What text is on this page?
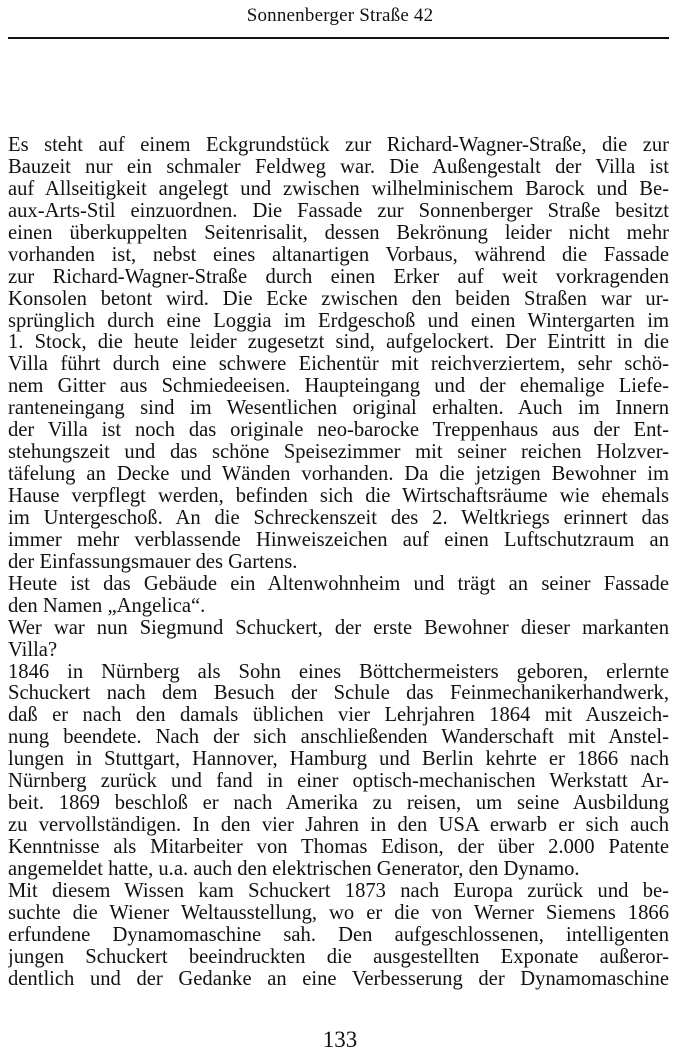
Sonnenberger Straße 42
Es steht auf einem Eckgrundstück zur Richard-Wagner-Straße, die zur
Bauzeit nur ein schmaler Feldweg war. Die Außengestalt der Villa ist
auf Allseitigkeit angelegt und zwischen wilhelminischem Barock und Be-
aux-Arts-Stil einzuordnen. Die Fassade zur Sonnenberger Straße besitzt
einen überkuppelten Seitenrisalit, dessen Bekrönung leider nicht mehr
vorhanden ist, nebst eines altanartigen Vorbaus, während die Fassade
zur Richard-Wagner-Straße durch einen Erker auf weit vorkragenden
Konsolen betont wird. Die Ecke zwischen den beiden Straßen war ur-
sprünglich durch eine Loggia im Erdgeschoß und einen Wintergarten im
1. Stock, die heute leider zugesetzt sind, aufgelockert. Der Eintritt in die
Villa führt durch eine schwere Eichentür mit reichverziertem, sehr schö-
nem Gitter aus Schmiedeeisen. Haupteingang und der ehemalige Liefe-
ranteneingang sind im Wesentlichen original erhalten. Auch im Innern
der Villa ist noch das originale neo-barocke Treppenhaus aus der Ent-
stehungszeit und das schöne Speisezimmer mit seiner reichen Holzver-
täfelung an Decke und Wänden vorhanden. Da die jetzigen Bewohner im
Hause verpflegt werden, befinden sich die Wirtschaftsräume wie ehemals
im Untergeschoß. An die Schreckenszeit des 2. Weltkriegs erinnert das
immer mehr verblassende Hinweiszeichen auf einen Luftschutzraum an
der Einfassungsmauer des Gartens.
Heute ist das Gebäude ein Altenwohnheim und trägt an seiner Fassade
den Namen „Angelica“.
Wer war nun Siegmund Schuckert, der erste Bewohner dieser markanten
Villa?
1846 in Nürnberg als Sohn eines Böttchermeisters geboren, erlernte
Schuckert nach dem Besuch der Schule das Feinmechanikerhandwerk,
daß er nach den damals üblichen vier Lehrjahren 1864 mit Auszeich-
nung beendete. Nach der sich anschließenden Wanderschaft mit Anstel-
lungen in Stuttgart, Hannover, Hamburg und Berlin kehrte er 1866 nach
Nürnberg zurück und fand in einer optisch-mechanischen Werkstatt Ar-
beit. 1869 beschloß er nach Amerika zu reisen, um seine Ausbildung
zu vervollständigen. In den vier Jahren in den USA erwarb er sich auch
Kenntnisse als Mitarbeiter von Thomas Edison, der über 2.000 Patente
angemeldet hatte, u.a. auch den elektrischen Generator, den Dynamo.
Mit diesem Wissen kam Schuckert 1873 nach Europa zurück und be-
suchte die Wiener Weltausstellung, wo er die von Werner Siemens 1866
erfundene Dynamomaschine sah. Den aufgeschlossenen, intelligenten
jungen Schuckert beeindruckten die ausgestellten Exponate außeror-
dentlich und der Gedanke an eine Verbesserung der Dynamomaschine
133
